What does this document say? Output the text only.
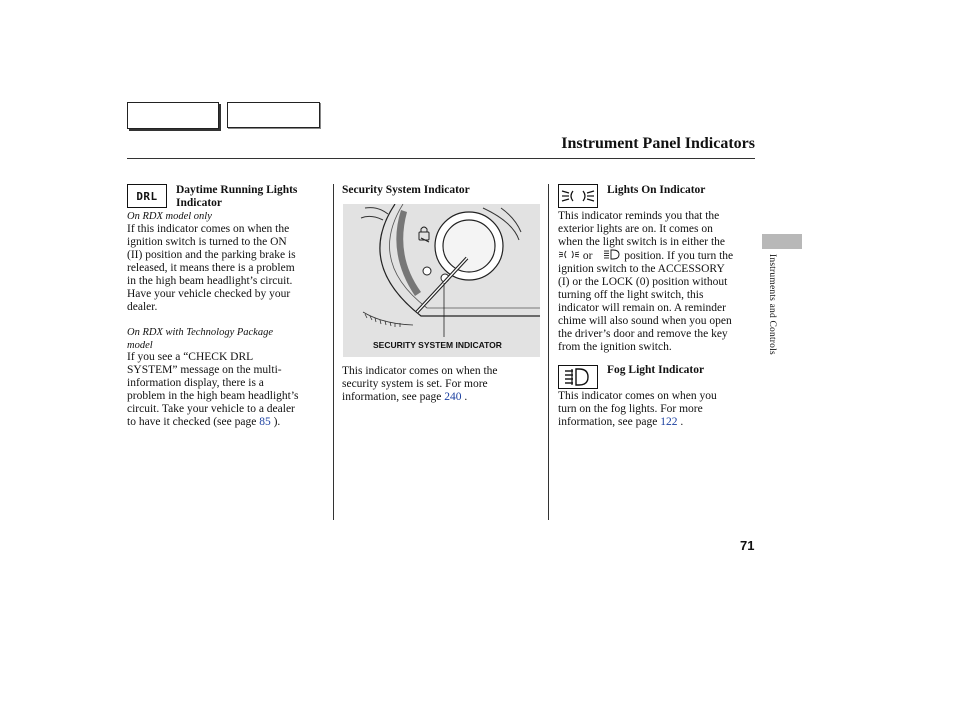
Instrument Panel Indicators
Instruments and Controls
DRL Daytime Running Lights
Indicator
On RDX model only
If this indicator comes on when the
ignition switch is turned to the ON
(II) position and the parking brake is
released, it means there is a problem
in the high beam headlight’s circuit.
Have your vehicle checked by your
dealer.
On RDX with Technology Package
model
If you see a “CHECK DRL
SYSTEM” message on the multi-
information display, there is a
problem in the high beam headlight’s
circuit. Take your vehicle to a dealer
to have it checked (see page 85 ).
Security System Indicator
SECURITY SYSTEM INDICATOR
This indicator comes on when the
security system is set. For more
information, see page 240 .
Lights On Indicator
This indicator reminds you that the
exterior lights are on. It comes on
when the light switch is in either the
or	position. If you turn the
ignition switch to the ACCESSORY
(I) or the LOCK (0) position without
turning off the light switch, this
indicator will remain on. A reminder
chime will also sound when you open
the driver’s door and remove the key
from the ignition switch.
Fog Light Indicator
This indicator comes on when you
turn on the fog lights. For more
information, see page 122 .
71
